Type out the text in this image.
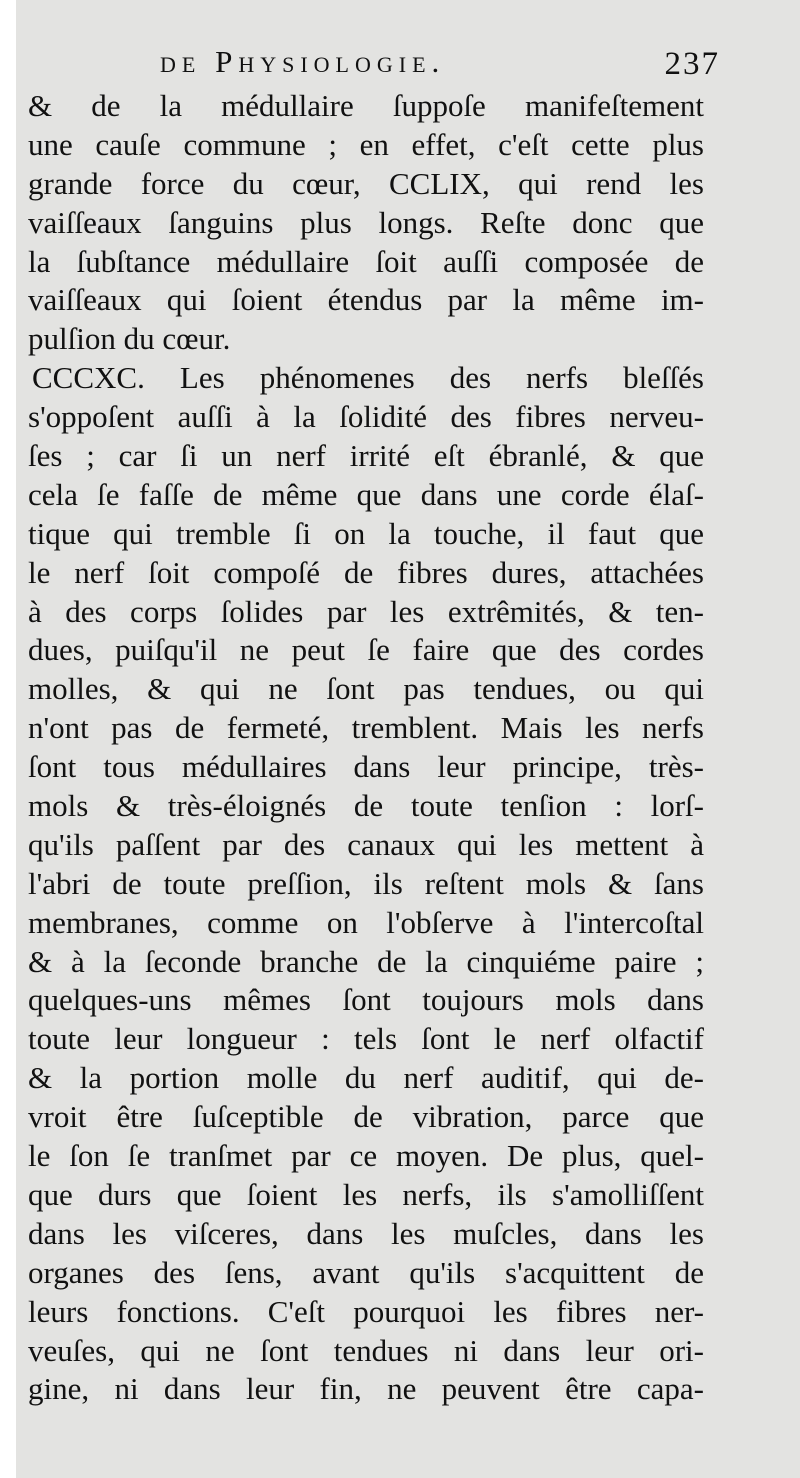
de Physiologie.	237
& de la médullaire ſuppoſe manifeſtement
une cauſe commune ; en effet, c'eſt cette plus
grande force du cœur, CCLIX, qui rend les
vaiſſeaux ſanguins plus longs. Reſte donc que
la ſubſtance médullaire ſoit auſſi composée de
vaiſſeaux qui ſoient étendus par la même im-
pulſion du cœur.
CCCXC. Les phénomenes des nerfs bleſſés
s'oppoſent auſſi à la ſolidité des fibres nerveu-
ſes ; car ſi un nerf irrité eſt ébranlé, & que
cela ſe faſſe de même que dans une corde élaſ-
tique qui tremble ſi on la touche, il faut que
le nerf ſoit compoſé de fibres dures, attachées
à des corps ſolides par les extrêmités, & ten-
dues, puiſqu'il ne peut ſe faire que des cordes
molles, & qui ne ſont pas tendues, ou qui
n'ont pas de fermeté, tremblent. Mais les nerfs
ſont tous médullaires dans leur principe, très-
mols & très-éloignés de toute tenſion : lorſ-
qu'ils paſſent par des canaux qui les mettent à
l'abri de toute preſſion, ils reſtent mols & ſans
membranes, comme on l'obſerve à l'intercoſtal
& à la ſeconde branche de la cinquiéme paire ;
quelques-uns mêmes ſont toujours mols dans
toute leur longueur : tels ſont le nerf olfactif
& la portion molle du nerf auditif, qui de-
vroit être ſuſceptible de vibration, parce que
le ſon ſe tranſmet par ce moyen. De plus, quel-
que durs que ſoient les nerfs, ils s'amolliſſent
dans les viſceres, dans les muſcles, dans les
organes des ſens, avant qu'ils s'acquittent de
leurs fonctions. C'eſt pourquoi les fibres ner-
veuſes, qui ne ſont tendues ni dans leur ori-
gine, ni dans leur fin, ne peuvent être capa-
